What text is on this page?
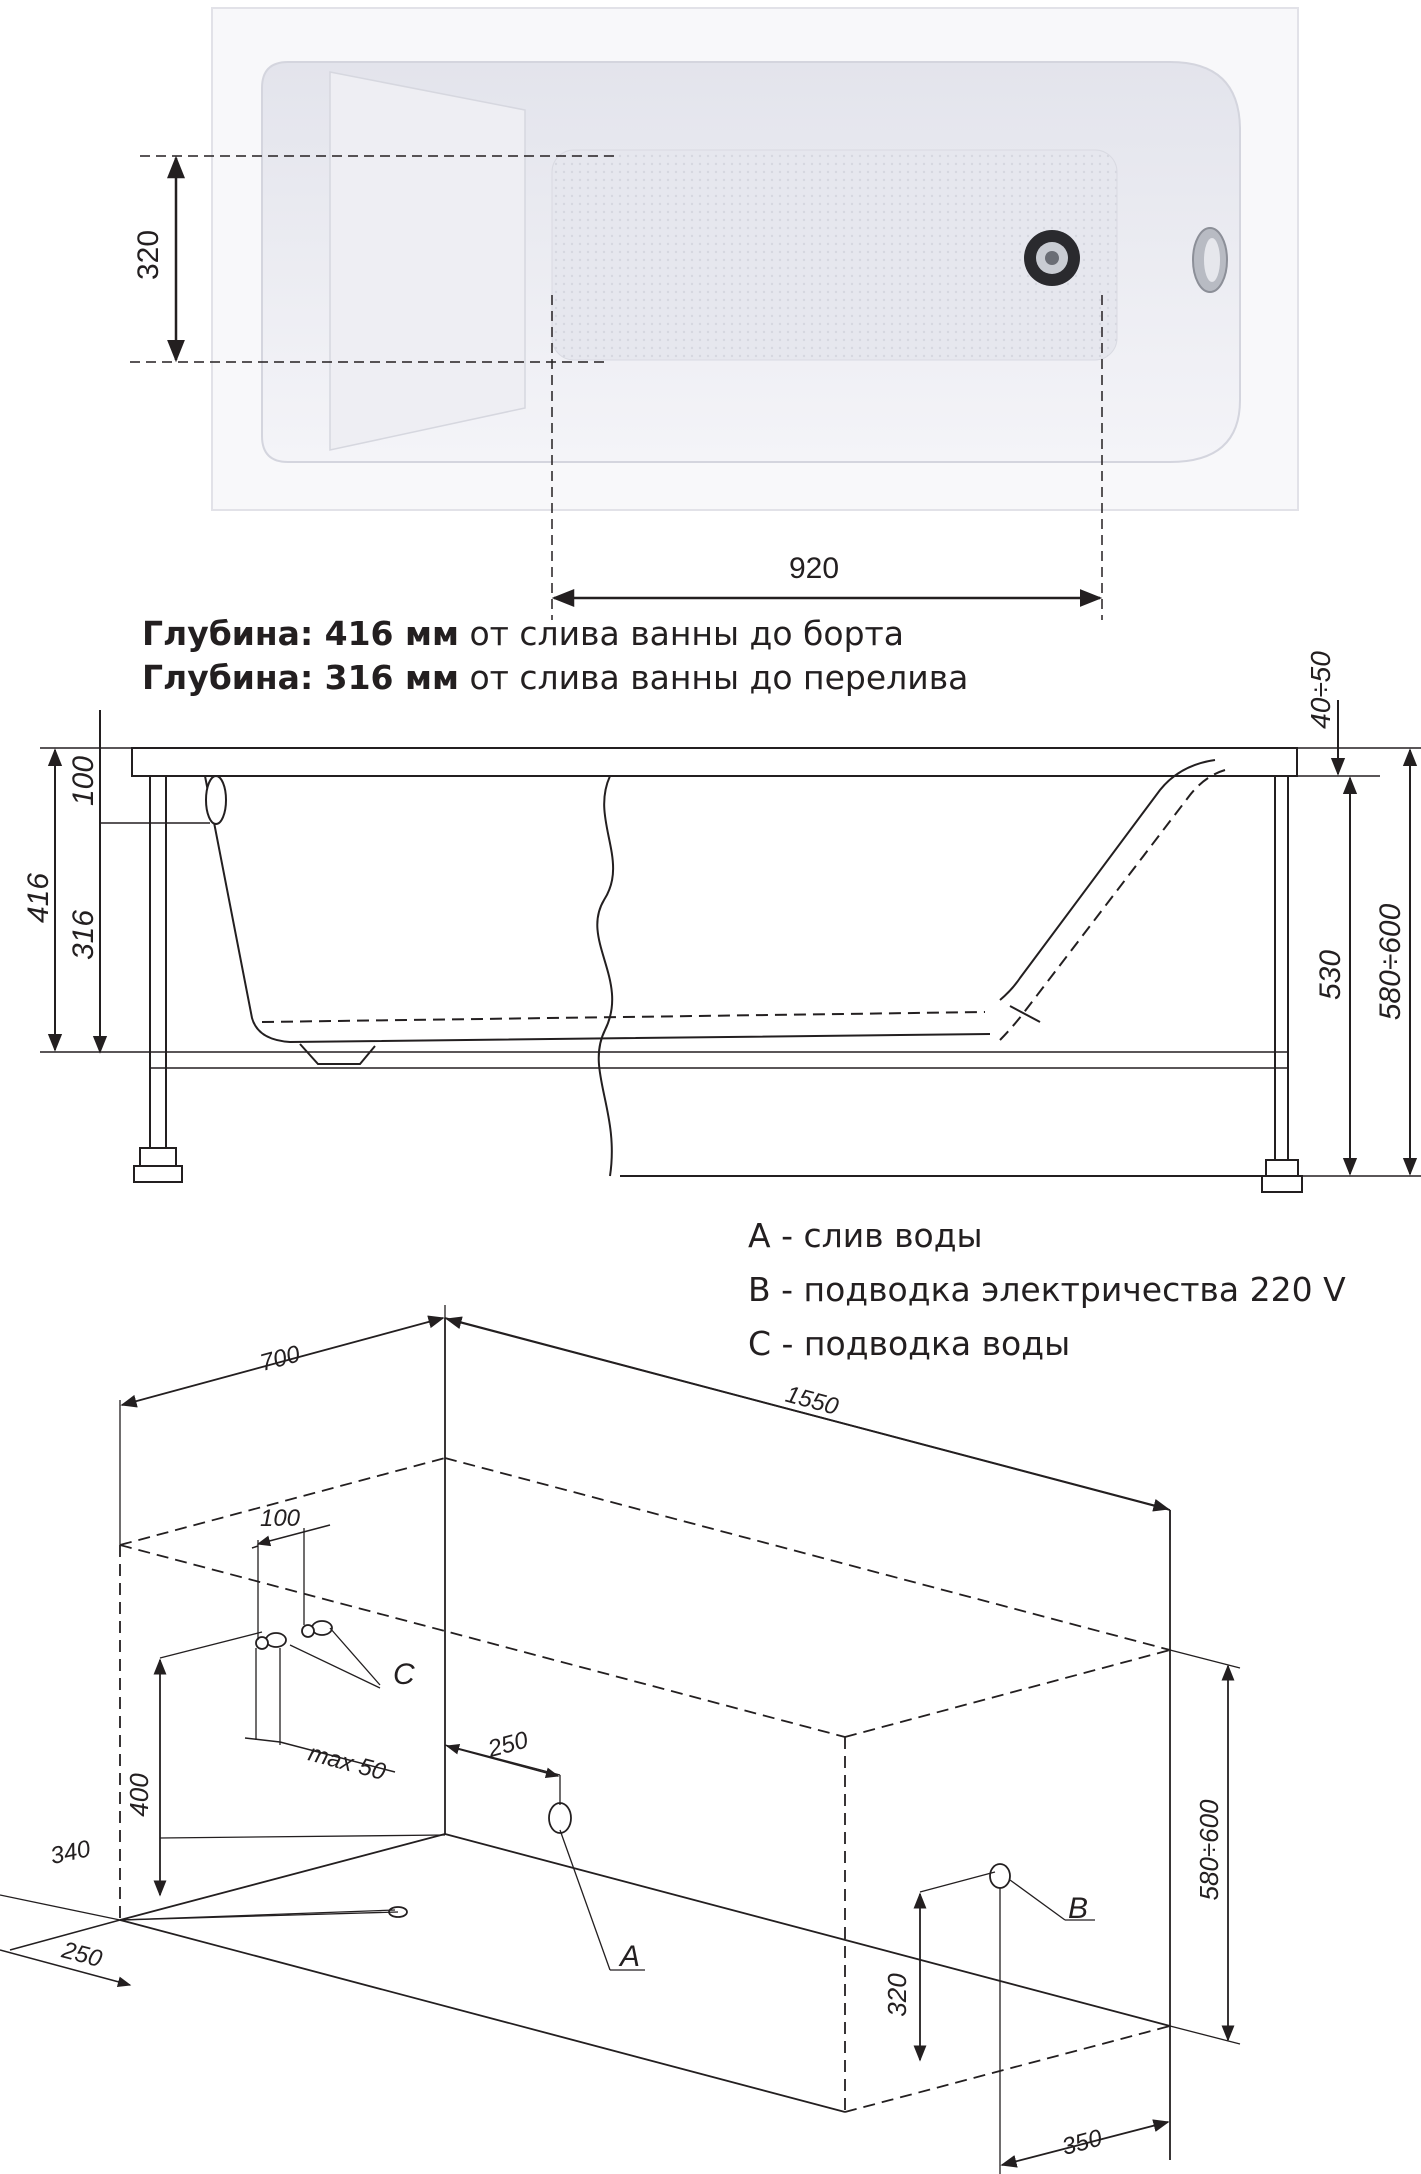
320
920
100
416
316
40÷50
530 580÷600
700
1550
100
max 50	250
400
340
250
320
350
580÷600
A
B
C
Глубина: 416 мм от слива ванны до борта
Глубина: 316 мм от слива ванны до перелива
A - слив воды
B - подводка электричества 220 V
C - подводка воды
